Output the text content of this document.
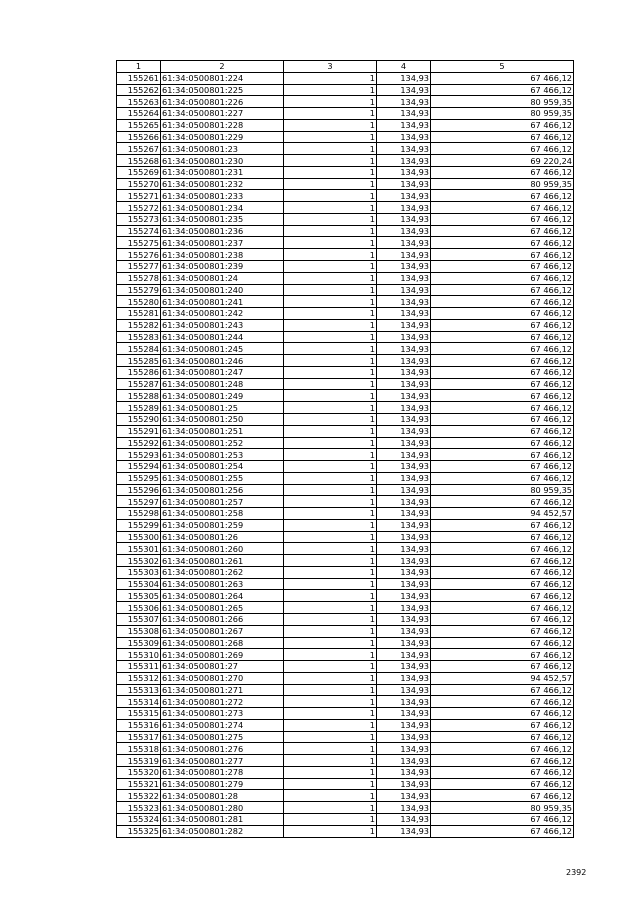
1	2	3	4	5
155261	61:34:0500801:224	1	134,93	67 466,12
155262	61:34:0500801:225	1	134,93	67 466,12
155263	61:34:0500801:226	1	134,93	80 959,35
155264	61:34:0500801:227	1	134,93	80 959,35
155265	61:34:0500801:228	1	134,93	67 466,12
155266	61:34:0500801:229	1	134,93	67 466,12
155267	61:34:0500801:23	1	134,93	67 466,12
155268	61:34:0500801:230	1	134,93	69 220,24
155269	61:34:0500801:231	1	134,93	67 466,12
155270	61:34:0500801:232	1	134,93	80 959,35
155271	61:34:0500801:233	1	134,93	67 466,12
155272	61:34:0500801:234	1	134,93	67 466,12
155273	61:34:0500801:235	1	134,93	67 466,12
155274	61:34:0500801:236	1	134,93	67 466,12
155275	61:34:0500801:237	1	134,93	67 466,12
155276	61:34:0500801:238	1	134,93	67 466,12
155277	61:34:0500801:239	1	134,93	67 466,12
155278	61:34:0500801:24	1	134,93	67 466,12
155279	61:34:0500801:240	1	134,93	67 466,12
155280	61:34:0500801:241	1	134,93	67 466,12
155281	61:34:0500801:242	1	134,93	67 466,12
155282	61:34:0500801:243	1	134,93	67 466,12
155283	61:34:0500801:244	1	134,93	67 466,12
155284	61:34:0500801:245	1	134,93	67 466,12
155285	61:34:0500801:246	1	134,93	67 466,12
155286	61:34:0500801:247	1	134,93	67 466,12
155287	61:34:0500801:248	1	134,93	67 466,12
155288	61:34:0500801:249	1	134,93	67 466,12
155289	61:34:0500801:25	1	134,93	67 466,12
155290	61:34:0500801:250	1	134,93	67 466,12
155291	61:34:0500801:251	1	134,93	67 466,12
155292	61:34:0500801:252	1	134,93	67 466,12
155293	61:34:0500801:253	1	134,93	67 466,12
155294	61:34:0500801:254	1	134,93	67 466,12
155295	61:34:0500801:255	1	134,93	67 466,12
155296	61:34:0500801:256	1	134,93	80 959,35
155297	61:34:0500801:257	1	134,93	67 466,12
155298	61:34:0500801:258	1	134,93	94 452,57
155299	61:34:0500801:259	1	134,93	67 466,12
155300	61:34:0500801:26	1	134,93	67 466,12
155301	61:34:0500801:260	1	134,93	67 466,12
155302	61:34:0500801:261	1	134,93	67 466,12
155303	61:34:0500801:262	1	134,93	67 466,12
155304	61:34:0500801:263	1	134,93	67 466,12
155305	61:34:0500801:264	1	134,93	67 466,12
155306	61:34:0500801:265	1	134,93	67 466,12
155307	61:34:0500801:266	1	134,93	67 466,12
155308	61:34:0500801:267	1	134,93	67 466,12
155309	61:34:0500801:268	1	134,93	67 466,12
155310	61:34:0500801:269	1	134,93	67 466,12
155311	61:34:0500801:27	1	134,93	67 466,12
155312	61:34:0500801:270	1	134,93	94 452,57
155313	61:34:0500801:271	1	134,93	67 466,12
155314	61:34:0500801:272	1	134,93	67 466,12
155315	61:34:0500801:273	1	134,93	67 466,12
155316	61:34:0500801:274	1	134,93	67 466,12
155317	61:34:0500801:275	1	134,93	67 466,12
155318	61:34:0500801:276	1	134,93	67 466,12
155319	61:34:0500801:277	1	134,93	67 466,12
155320	61:34:0500801:278	1	134,93	67 466,12
155321	61:34:0500801:279	1	134,93	67 466,12
155322	61:34:0500801:28	1	134,93	67 466,12
155323	61:34:0500801:280	1	134,93	80 959,35
155324	61:34:0500801:281	1	134,93	67 466,12
155325	61:34:0500801:282	1	134,93	67 466,12
2392
